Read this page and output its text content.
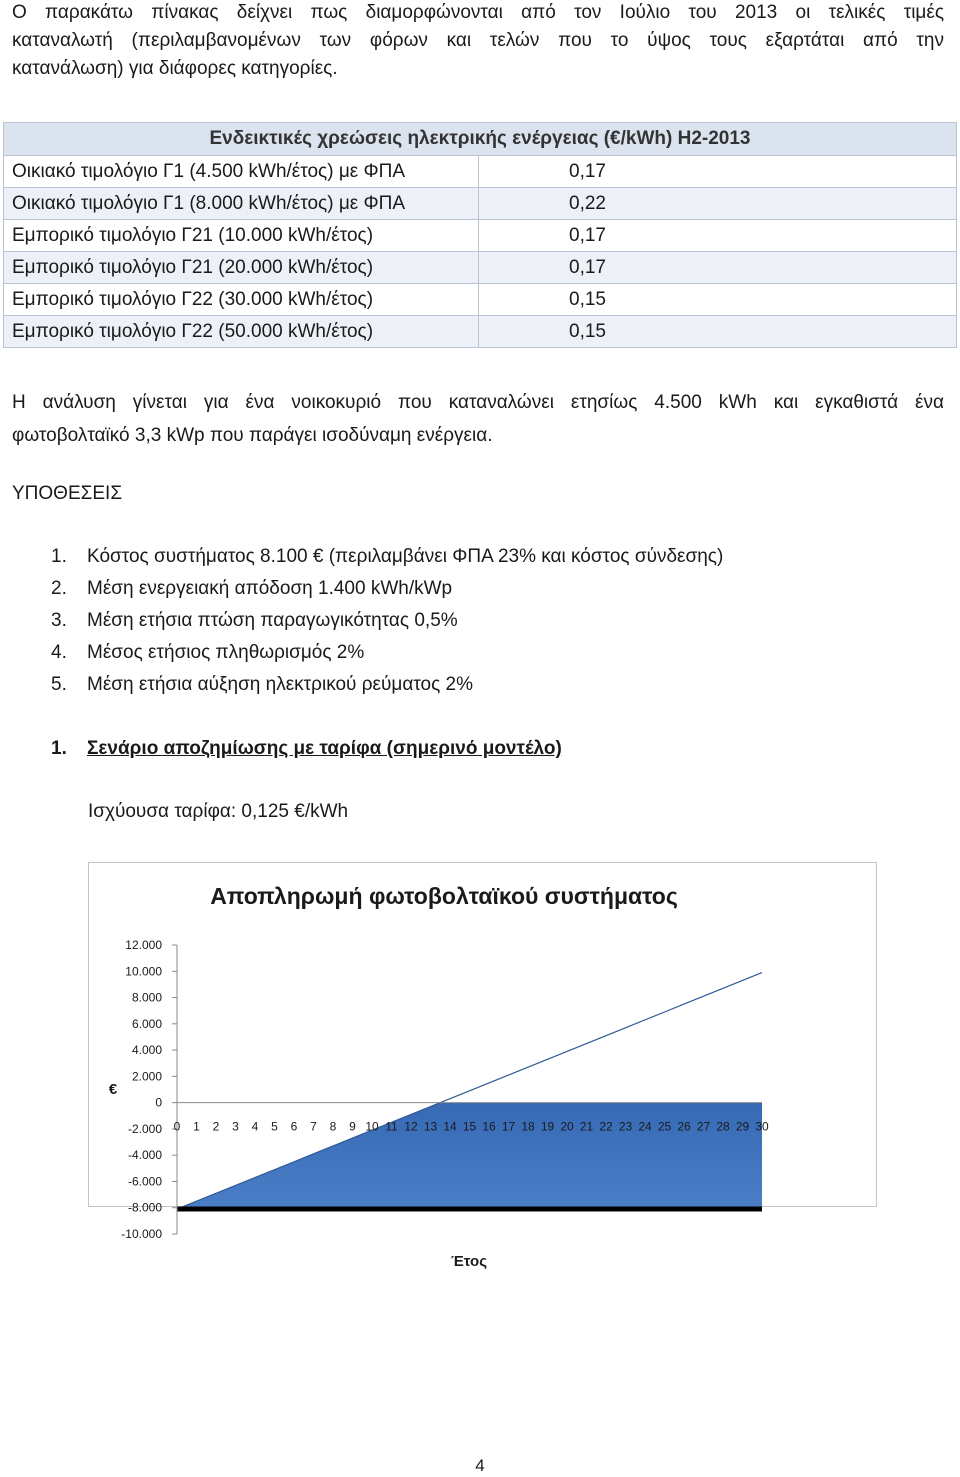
Ο παρακάτω πίνακας δείχνει πως διαμορφώνονται από τον Ιούλιο του 2013 οι τελικές τιμές
καταναλωτή (περιλαμβανομένων των φόρων και τελών που το ύψος τους εξαρτάται από την
κατανάλωση) για διάφορες κατηγορίες.
Ενδεικτικές χρεώσεις ηλεκτρικής ενέργειας (€/kWh) Η2-2013	
Οικιακό τιμολόγιο Γ1 (4.500 kWh/έτος) με ΦΠΑ	0,17
Οικιακό τιμολόγιο Γ1 (8.000 kWh/έτος) με ΦΠΑ	0,22
Εμπορικό τιμολόγιο Γ21 (10.000 kWh/έτος)	0,17
Εμπορικό τιμολόγιο Γ21 (20.000 kWh/έτος)	0,17
Εμπορικό τιμολόγιο Γ22 (30.000 kWh/έτος)	0,15
Εμπορικό τιμολόγιο Γ22 (50.000 kWh/έτος)	0,15
Η ανάλυση γίνεται για ένα νοικοκυριό που καταναλώνει ετησίως 4.500 kWh και εγκαθιστά ένα
φωτοβολταϊκό 3,3 kWp που παράγει ισοδύναμη ενέργεια.
ΥΠΟΘΕΣΕΙΣ
1. Κόστος συστήματος 8.100 € (περιλαμβάνει ΦΠΑ 23% και κόστος σύνδεσης)
2. Μέση ενεργειακή απόδοση 1.400 kWh/kWp
3. Μέση ετήσια πτώση παραγωγικότητας 0,5%
4. Μέσος ετήσιος πληθωρισμός 2%
5. Μέση ετήσια αύξηση ηλεκτρικού ρεύματος 2%
1. Σενάριο αποζημίωσης με ταρίφα (σημερινό μοντέλο)
Ισχύουσα ταρίφα: 0,125 €/kWh
Αποπληρωμή φωτοβολταϊκού συστήματος
12.000
10.000
8.000
6.000
4.000
2.000
0
-2.000
-4.000
-6.000
-8.000
-10.000
0 1 2 3 4 5 6 7 8 9 10 11 12 13 14 15 16 17 18 19 20 21 22 23 24 25 26 27 28 29 30
€
Έτος
4
